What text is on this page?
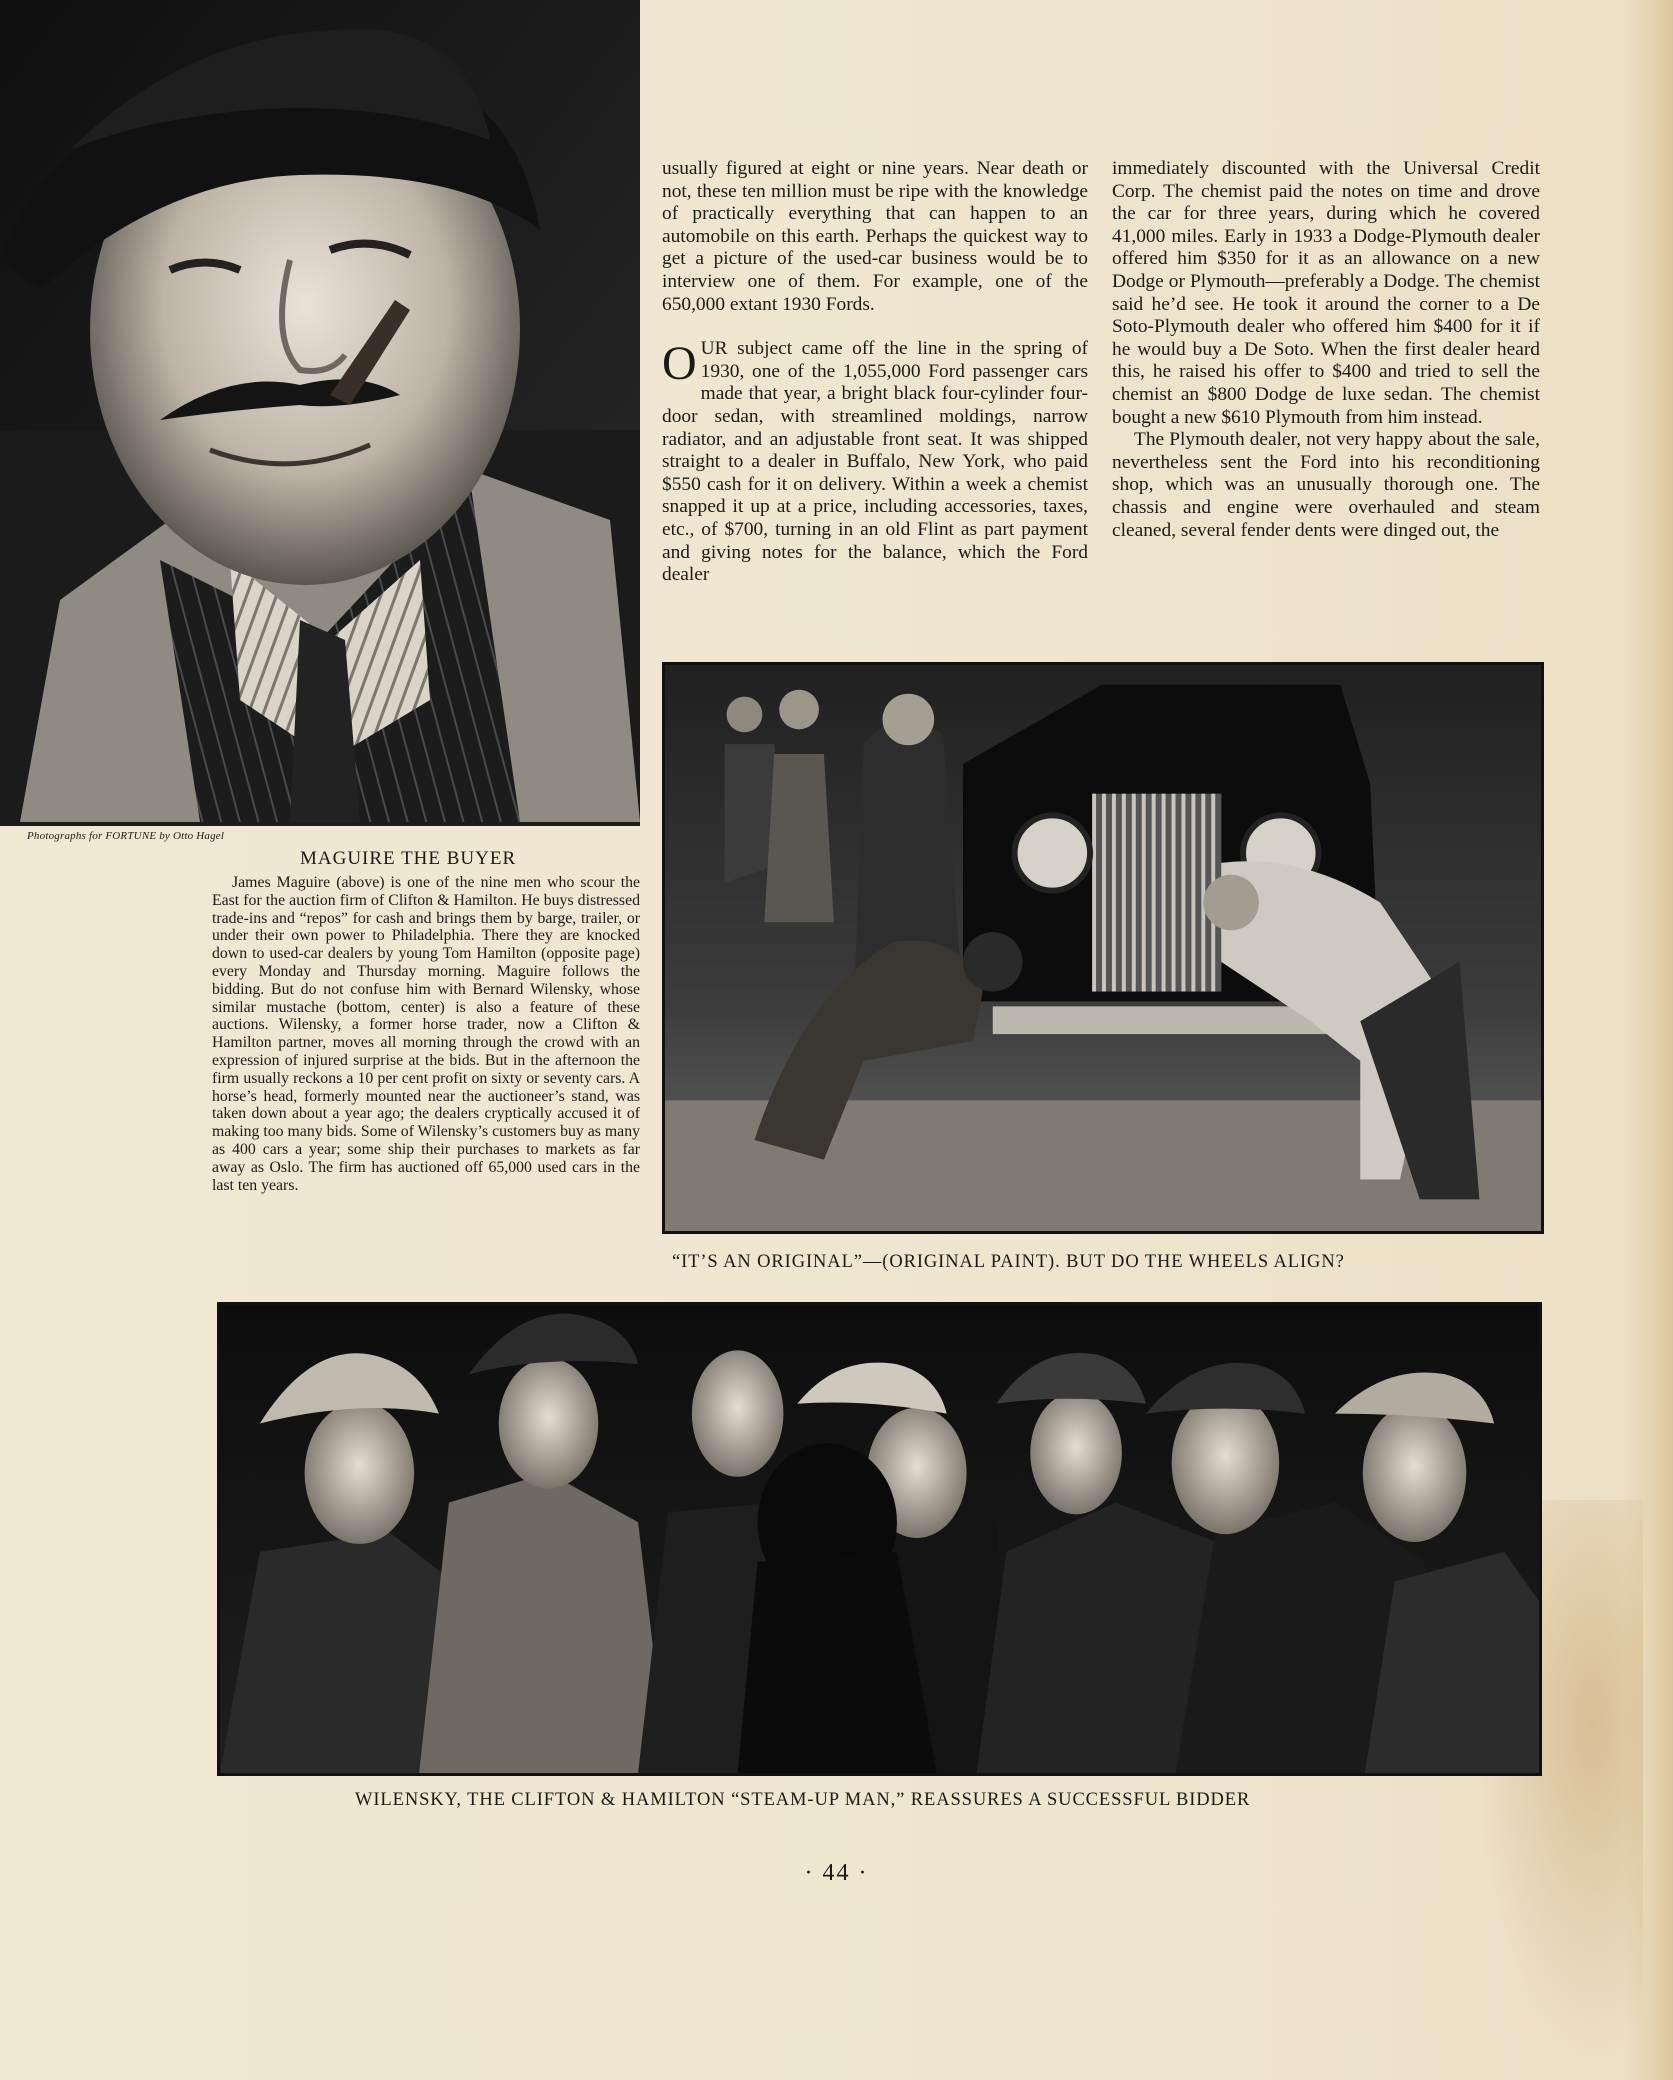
Photographs for FORTUNE by Otto Hagel
MAGUIRE THE BUYER

James Maguire (above) is one of the nine men who scour the East for the auction firm of Clifton & Hamilton. He buys distressed trade-ins and “repos” for cash and brings them by barge, trailer, or under their own power to Philadelphia. There they are knocked down to used-car dealers by young Tom Hamilton (opposite page) every Monday and Thursday morning. Maguire follows the bidding. But do not confuse him with Bernard Wilensky, whose similar mustache (bottom, center) is also a feature of these auctions. Wilensky, a former horse trader, now a Clifton & Hamilton partner, moves all morning through the crowd with an expression of injured surprise at the bids. But in the afternoon the firm usually reckons a 10 per cent profit on sixty or seventy cars. A horse’s head, formerly mounted near the auctioneer’s stand, was taken down about a year ago; the dealers cryptically accused it of making too many bids. Some of Wilensky’s customers buy as many as 400 cars a year; some ship their purchases to markets as far away as Oslo. The firm has auctioned off 65,000 used cars in the last ten years.

usually figured at eight or nine years. Near death or not, these ten million must be ripe with the knowledge of practically everything that can happen to an automobile on this earth. Perhaps the quickest way to get a picture of the used-car business would be to interview one of them. For example, one of the 650,000 extant 1930 Fords.

OUR subject came off the line in the spring of 1930, one of the 1,055,000 Ford passenger cars made that year, a bright black four-cylinder four-door sedan, with streamlined moldings, narrow radiator, and an adjustable front seat. It was shipped straight to a dealer in Buffalo, New York, who paid $550 cash for it on delivery. Within a week a chemist snapped it up at a price, including accessories, taxes, etc., of $700, turning in an old Flint as part payment and giving notes for the balance, which the Ford dealer

immediately discounted with the Universal Credit Corp. The chemist paid the notes on time and drove the car for three years, during which he covered 41,000 miles. Early in 1933 a Dodge-Plymouth dealer offered him $350 for it as an allowance on a new Dodge or Plymouth—preferably a Dodge. The chemist said he’d see. He took it around the corner to a De Soto-Plymouth dealer who offered him $400 for it if he would buy a De Soto. When the first dealer heard this, he raised his offer to $400 and tried to sell the chemist an $800 Dodge de luxe sedan. The chemist bought a new $610 Plymouth from him instead.

The Plymouth dealer, not very happy about the sale, nevertheless sent the Ford into his reconditioning shop, which was an unusually thorough one. The chassis and engine were overhauled and steam cleaned, several fender dents were dinged out, the

“IT’S AN ORIGINAL”—(ORIGINAL PAINT). BUT DO THE WHEELS ALIGN?
WILENSKY, THE CLIFTON & HAMILTON “STEAM-UP MAN,” REASSURES A SUCCESSFUL BIDDER
· 44 ·
